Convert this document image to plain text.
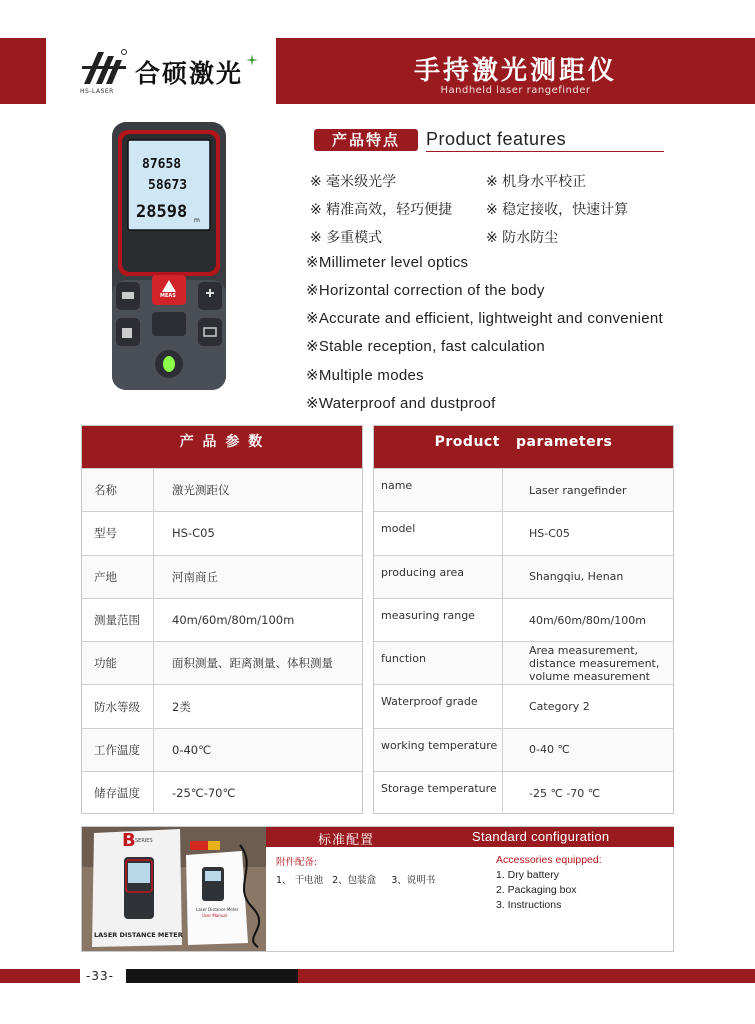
合硕激光
HS-LASER
手持激光测距仪
Handheld laser rangefinder
87658
58673
28598 m
MEAS
产品特点	Product features
※ 毫米级光学	※ 机身水平校正
※ 精准高效，轻巧便捷 ※ 稳定接收，快速计算
※ 多重模式	※ 防水防尘
※Millimeter level optics
※Horizontal correction of the body
※Accurate and efficient, lightweight and convenient
※Stable reception, fast calculation
※Multiple modes
※Waterproof and dustproof
产 品 参 数
名称	激光测距仪
型号	HS-C05
产地	河南商丘
测量范围	40m/60m/80m/100m
功能	面积测量、距离测量、体积测量
防水等级	2类
工作温度	0-40℃
储存温度	-25℃-70℃
Product   parameters
name	Laser rangefinder
model	HS-C05
producing area	Shangqiu, Henan
measuring range	40m/60m/80m/100m
function
Area measurement,
distance measurement,
volume measurement
Waterproof grade	Category 2
working temperature	0-40 ℃
Storage temperature	-25 ℃ -70 ℃
B SERIES
LASER DISTANCE METER
Laser Distance Meter
User Manual
标准配置	Standard configuration
附件配备:
1、 干电池   2、包装盒     3、说明书
Accessories equipped:
1. Dry battery
2. Packaging box
3. Instructions
-33-
